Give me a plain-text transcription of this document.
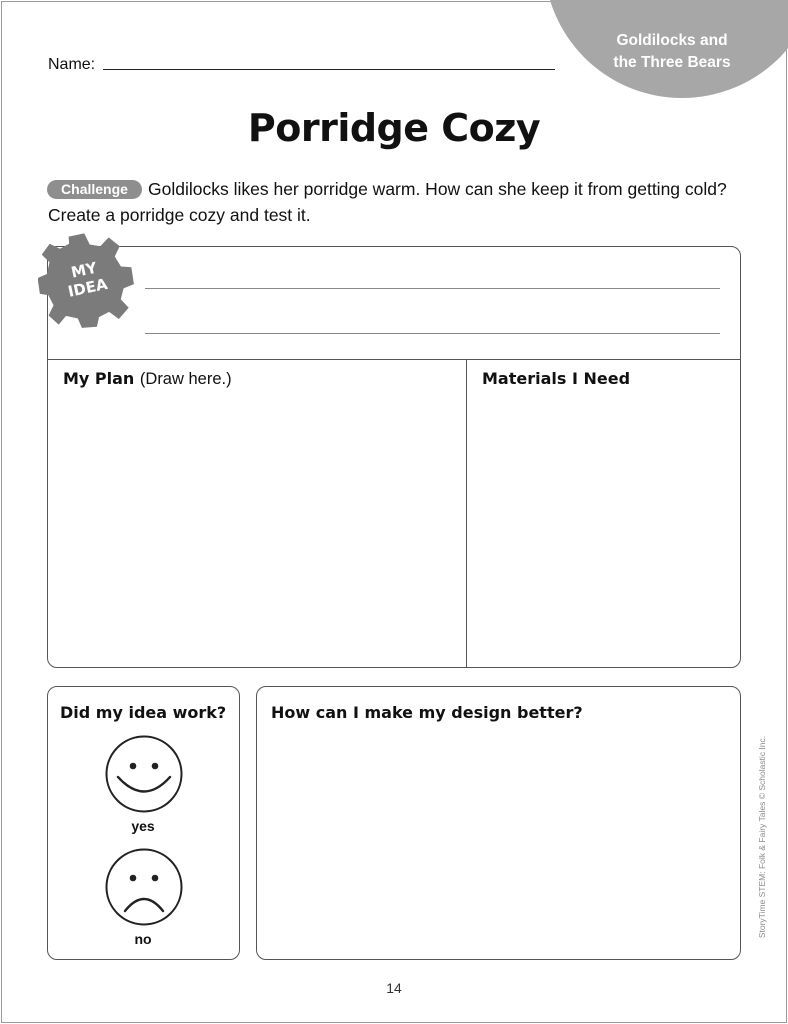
Goldilocks and
the Three Bears
Name:
Porridge Cozy
Challenge	Goldilocks likes her porridge warm. How can she keep it from getting cold? Create a porridge cozy and test it.
MY
IDEA
My Plan (Draw here.)	Materials I Need
Did my idea work?
yes
no
How can I make my design better?
StoryTime STEM: Folk & Fairy Tales © Scholastic Inc.
14
